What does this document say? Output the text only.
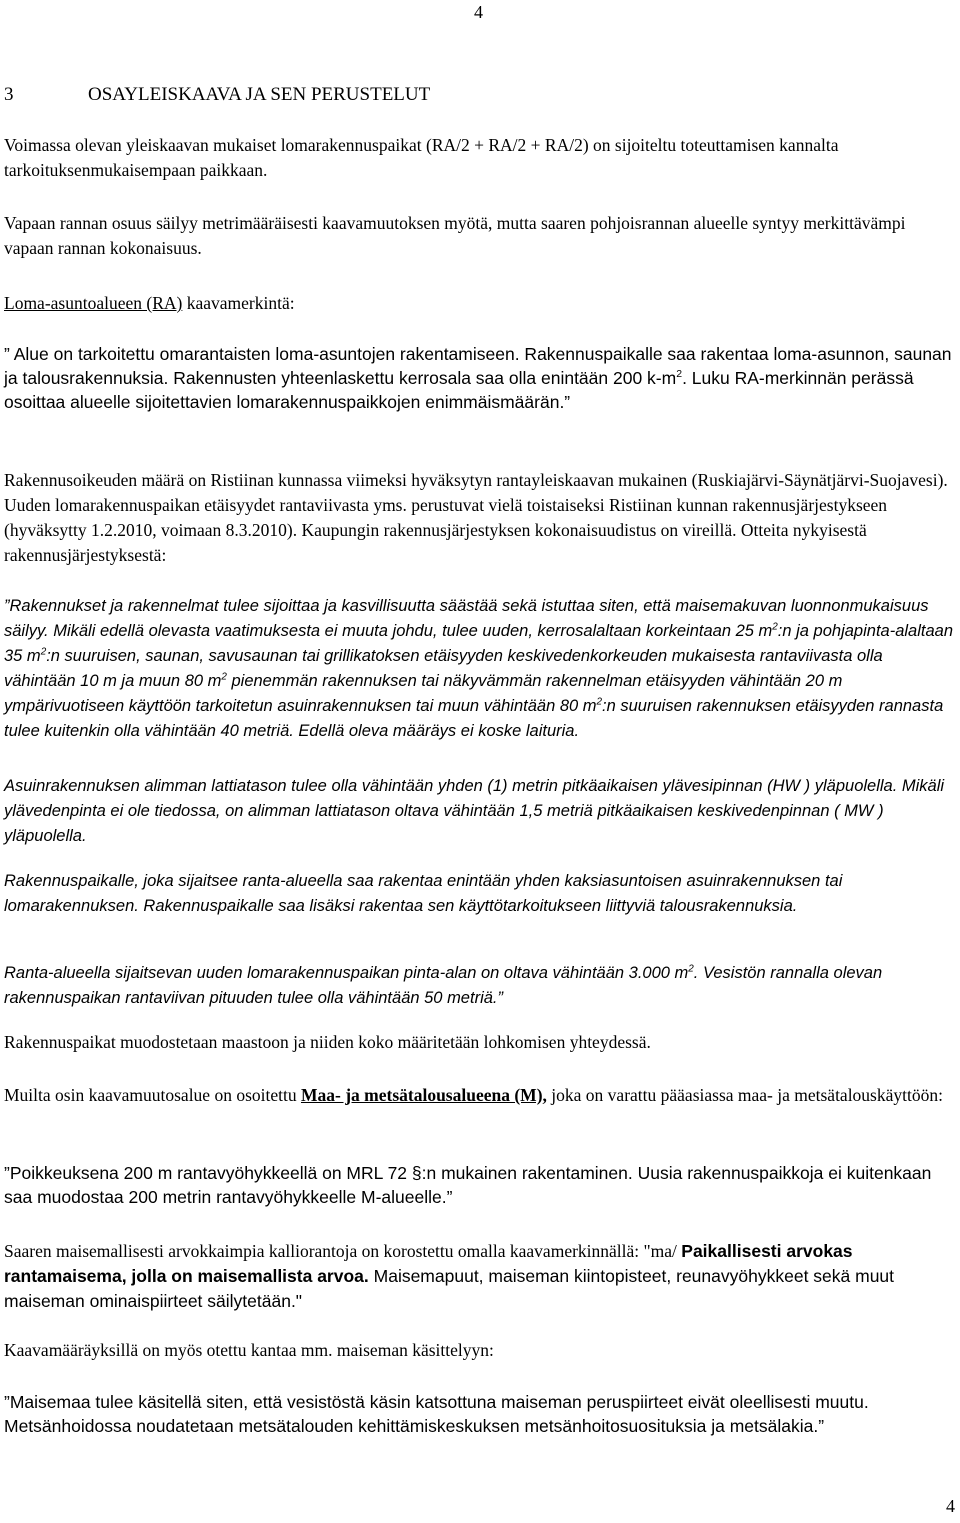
4
3	OSAYLEISKAAVA JA SEN PERUSTELUT

Voimassa olevan yleiskaavan mukaiset lomarakennuspaikat (RA/2 + RA/2 + RA/2) on sijoiteltu toteuttamisen kannalta tarkoituksenmukaisempaan paikkaan.

Vapaan rannan osuus säilyy metrimääräisesti kaavamuutoksen myötä, mutta saaren pohjoisrannan alueelle syntyy merkittävämpi vapaan rannan kokonaisuus.

Loma-asuntoalueen (RA) kaavamerkintä:

” Alue on tarkoitettu omarantaisten loma-asuntojen rakentamiseen. Rakennuspaikalle saa rakentaa loma-asunnon, saunan ja talousrakennuksia. Rakennusten yhteenlaskettu kerrosala saa olla enintään 200 $k-m^2$. Luku RA-merkinnän perässä osoittaa alueelle sijoitettavien lomarakennuspaikkojen enimmäismäärän.”

Rakennusoikeuden määrä on Ristiinan kunnassa viimeksi hyväksytyn rantayleiskaavan mukainen (Ruskiajärvi-Säynätjärvi-Suojavesi). Uuden lomarakennuspaikan etäisyydet rantaviivasta yms. perustuvat vielä toistaiseksi Ristiinan kunnan rakennusjärjestykseen (hyväksytty 1.2.2010, voimaan 8.3.2010). Kaupungin rakennusjärjestyksen kokonaisuudistus on vireillä. Otteita nykyisestä rakennusjärjestyksestä:

”Rakennukset ja rakennelmat tulee sijoittaa ja kasvillisuutta säästää sekä istuttaa siten, että maisemakuvan luonnonmukaisuus säilyy. Mikäli edellä olevasta vaatimuksesta ei muuta johdu, tulee uuden, kerrosalaltaan korkeintaan 25 $m^2:n$ ja pohjapinta-alaltaan 35 $m^2:n$ suuruisen, saunan, savusaunan tai grillikatoksen etäisyyden keskivedenkorkeuden mukaisesta rantaviivasta olla vähintään 10 m ja muun 80 $m^2$ pienemmän rakennuksen tai näkyvämmän rakennelman etäisyyden vähintään 20 m ympärivuotiseen käyttöön tarkoitetun asuinrakennuksen tai muun vähintään 80 $m^2:n$ suuruisen rakennuksen etäisyyden rannasta tulee kuitenkin olla vähintään 40 metriä. Edellä oleva määräys ei koske laituria.

Asuinrakennuksen alimman lattiatason tulee olla vähintään yhden (1) metrin pitkäaikaisen ylävesipinnan (HW ) yläpuolella. Mikäli ylävedenpinta ei ole tiedossa, on alimman lattiatason oltava vähintään 1,5 metriä pitkäaikaisen keskivedenpinnan ( MW ) yläpuolella.

Rakennuspaikalle, joka sijaitsee ranta-alueella saa rakentaa enintään yhden kaksiasuntoisen asuinrakennuksen tai lomarakennuksen. Rakennuspaikalle saa lisäksi rakentaa sen käyttötarkoitukseen liittyviä talousrakennuksia.

Ranta-alueella sijaitsevan uuden lomarakennuspaikan pinta-alan on oltava vähintään 3.000 $m^2$. Vesistön rannalla olevan rakennuspaikan rantaviivan pituuden tulee olla vähintään 50 metriä.”

Rakennuspaikat muodostetaan maastoon ja niiden koko määritetään lohkomisen yhteydessä.

Muilta osin kaavamuutosalue on osoitettu Maa- ja metsätalousalueena (M), joka on varattu pääasiassa maa- ja metsätalouskäyttöön:

”Poikkeuksena 200 m rantavyöhykkeellä on MRL 72 §:n mukainen rakentaminen. Uusia rakennuspaikkoja ei kuitenkaan saa muodostaa 200 metrin rantavyöhykkeelle M-alueelle.”

Saaren maisemallisesti arvokkaimpia kalliorantoja on korostettu omalla kaavamerkinnällä: "ma/ Paikallisesti arvokas rantamaisema, jolla on maisemallista arvoa. Maisemapuut, maiseman kiintopisteet, reunavyöhykkeet sekä muut maiseman ominaispiirteet säilytetään."

Kaavamääräyksillä on myös otettu kantaa mm. maiseman käsittelyyn:

”Maisemaa tulee käsitellä siten, että vesistöstä käsin katsottuna maiseman peruspiirteet eivät oleellisesti muutu. Metsänhoidossa noudatetaan metsätalouden kehittämiskeskuksen metsänhoitosuosituksia ja metsälakia.”

4
